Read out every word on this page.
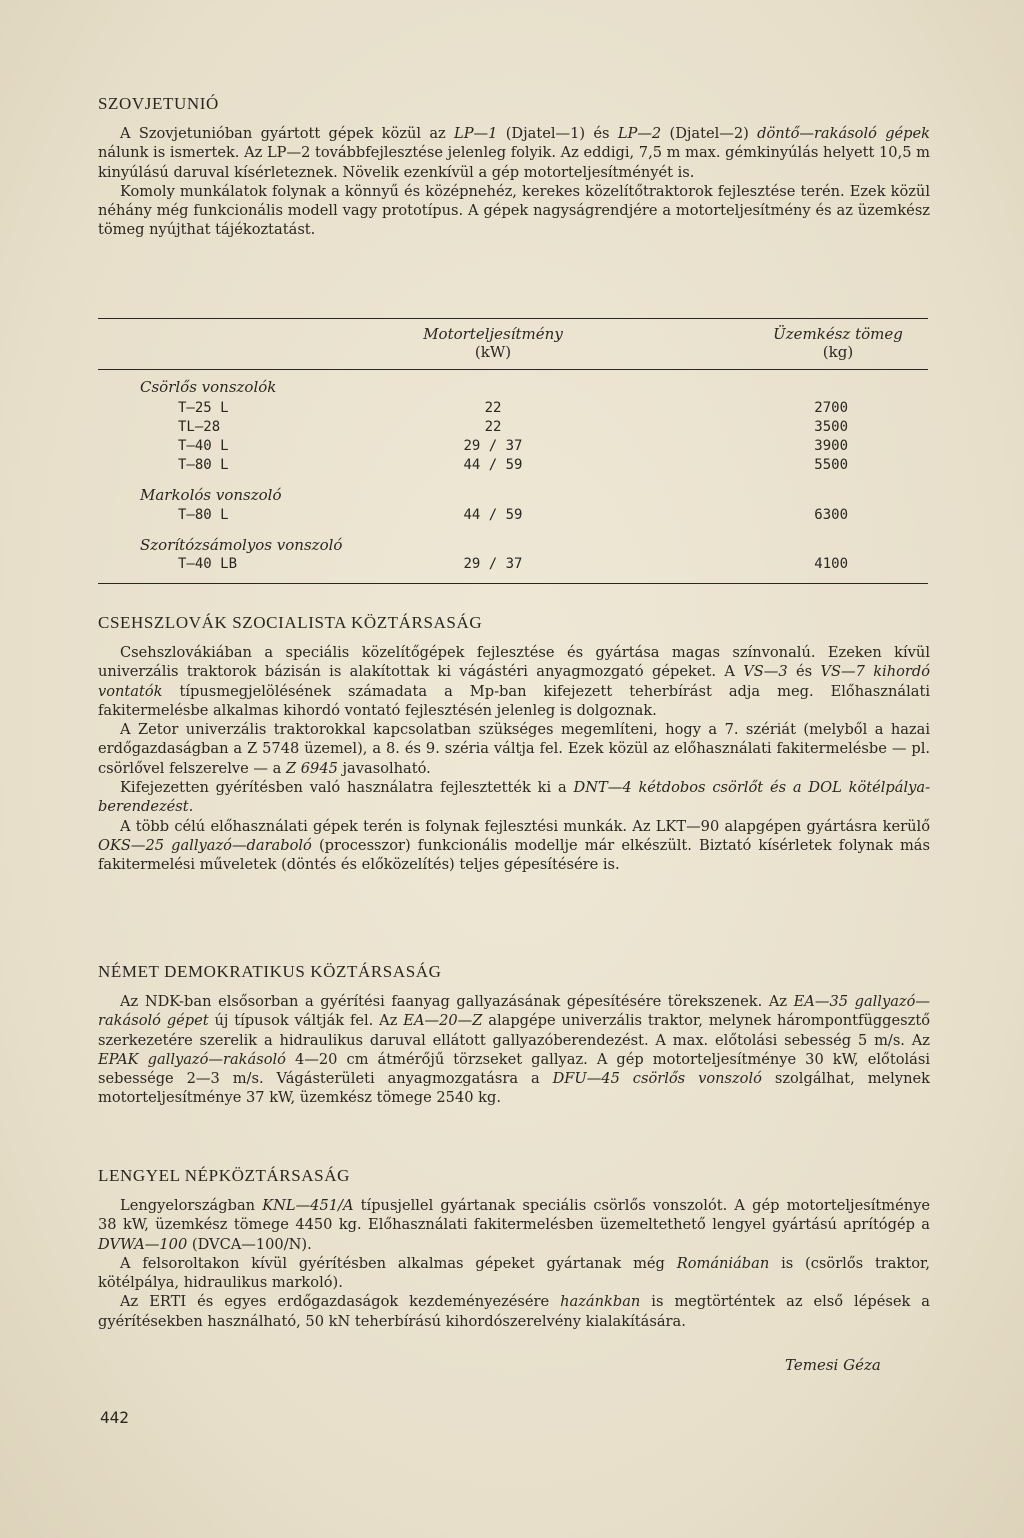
SZOVJETUNIÓ

A Szovjetunióban gyártott gépek közül az LP—1 (Djatel—1) és LP—2 (Djatel—2) döntő—rakásoló gépek nálunk is ismertek. Az LP—2 továbbfejlesztése jelenleg folyik. Az eddigi, 7,5 m max. gémkinyúlás helyett 10,5 m kinyúlású daruval kísérleteznek. Növelik ezenkívül a gép motorteljesítményét is.

Komoly munkálatok folynak a könnyű és középnehéz, kerekes közelítőtraktorok fejlesztése terén. Ezek közül néhány még funkcionális modell vagy prototípus. A gépek nagyságrendjére a motorteljesítmény és az üzemkész tömeg nyújthat tájékoztatást.

Motorteljesítmény
(kW)
Üzemkész tömeg
(kg)
Csörlős vonszolók
T—25 L	22	2700
TL—28	22	3500
T—40 L	29 / 37	3900
T—80 L	44 / 59	5500
Markolós vonszoló
T—80 L	44 / 59	6300
Szorítózsámolyos vonszoló
T—40 LB	29 / 37	4100
CSEHSZLOVÁK SZOCIALISTA KÖZTÁRSASÁG

Csehszlovákiában a speciális közelítőgépek fejlesztése és gyártása magas színvonalú. Ezeken kívül univerzális traktorok bázisán is alakítottak ki vágástéri anyagmozgató gépeket. A VS—3 és VS—7 kihordó vontatók típusmegjelölésének számadata a Mp-ban kifejezett teherbírást adja meg. Előhasználati fakitermelésbe alkalmas kihordó vontató fejlesztésén jelenleg is dolgoznak.

A Zetor univerzális traktorokkal kapcsolatban szükséges megemlíteni, hogy a 7. szériát (melyből a hazai erdőgazdaságban a Z 5748 üzemel), a 8. és 9. széria váltja fel. Ezek közül az előhasználati fakitermelésbe — pl. csörlővel felszerelve — a Z 6945 javasolható.

Kifejezetten gyérítésben való használatra fejlesztették ki a DNT—4 kétdobos csörlőt és a DOL kötélpálya-berendezést.

A több célú előhasználati gépek terén is folynak fejlesztési munkák. Az LKT—90 alapgépen gyártásra kerülő OKS—25 gallyazó—daraboló (processzor) funkcionális modellje már elkészült. Biztató kísérletek folynak más fakitermelési műveletek (döntés és előközelítés) teljes gépesítésére is.

NÉMET DEMOKRATIKUS KÖZTÁRSASÁG

Az NDK-ban elsősorban a gyérítési faanyag gallyazásának gépesítésére törekszenek. Az EA—35 gallyazó—rakásoló gépet új típusok váltják fel. Az EA—20—Z alapgépe univerzális traktor, melynek hárompontfüggesztő szerkezetére szerelik a hidraulikus daruval ellátott gallyazóberendezést. A max. előtolási sebesség 5 m/s. Az EPAK gallyazó—rakásoló 4—20 cm átmérőjű törzseket gallyaz. A gép motorteljesítménye 30 kW, előtolási sebessége 2—3 m/s. Vágásterületi anyagmozgatásra a DFU—45 csörlős vonszoló szolgálhat, melynek motorteljesítménye 37 kW, üzemkész tömege 2540 kg.

LENGYEL NÉPKÖZTÁRSASÁG

Lengyelországban KNL—451/A típusjellel gyártanak speciális csörlős vonszolót. A gép motorteljesítménye 38 kW, üzemkész tömege 4450 kg. Előhasználati fakitermelésben üzemeltethető lengyel gyártású aprítógép a DVWA—100 (DVCA—100/N).

A felsoroltakon kívül gyérítésben alkalmas gépeket gyártanak még Romániában is (csörlős traktor, kötélpálya, hidraulikus markoló).

Az ERTI és egyes erdőgazdaságok kezdeményezésére hazánkban is megtörténtek az első lépések a gyérítésekben használható, 50 kN teherbírású kihordószerelvény kialakítására.

Temesi Géza
442
